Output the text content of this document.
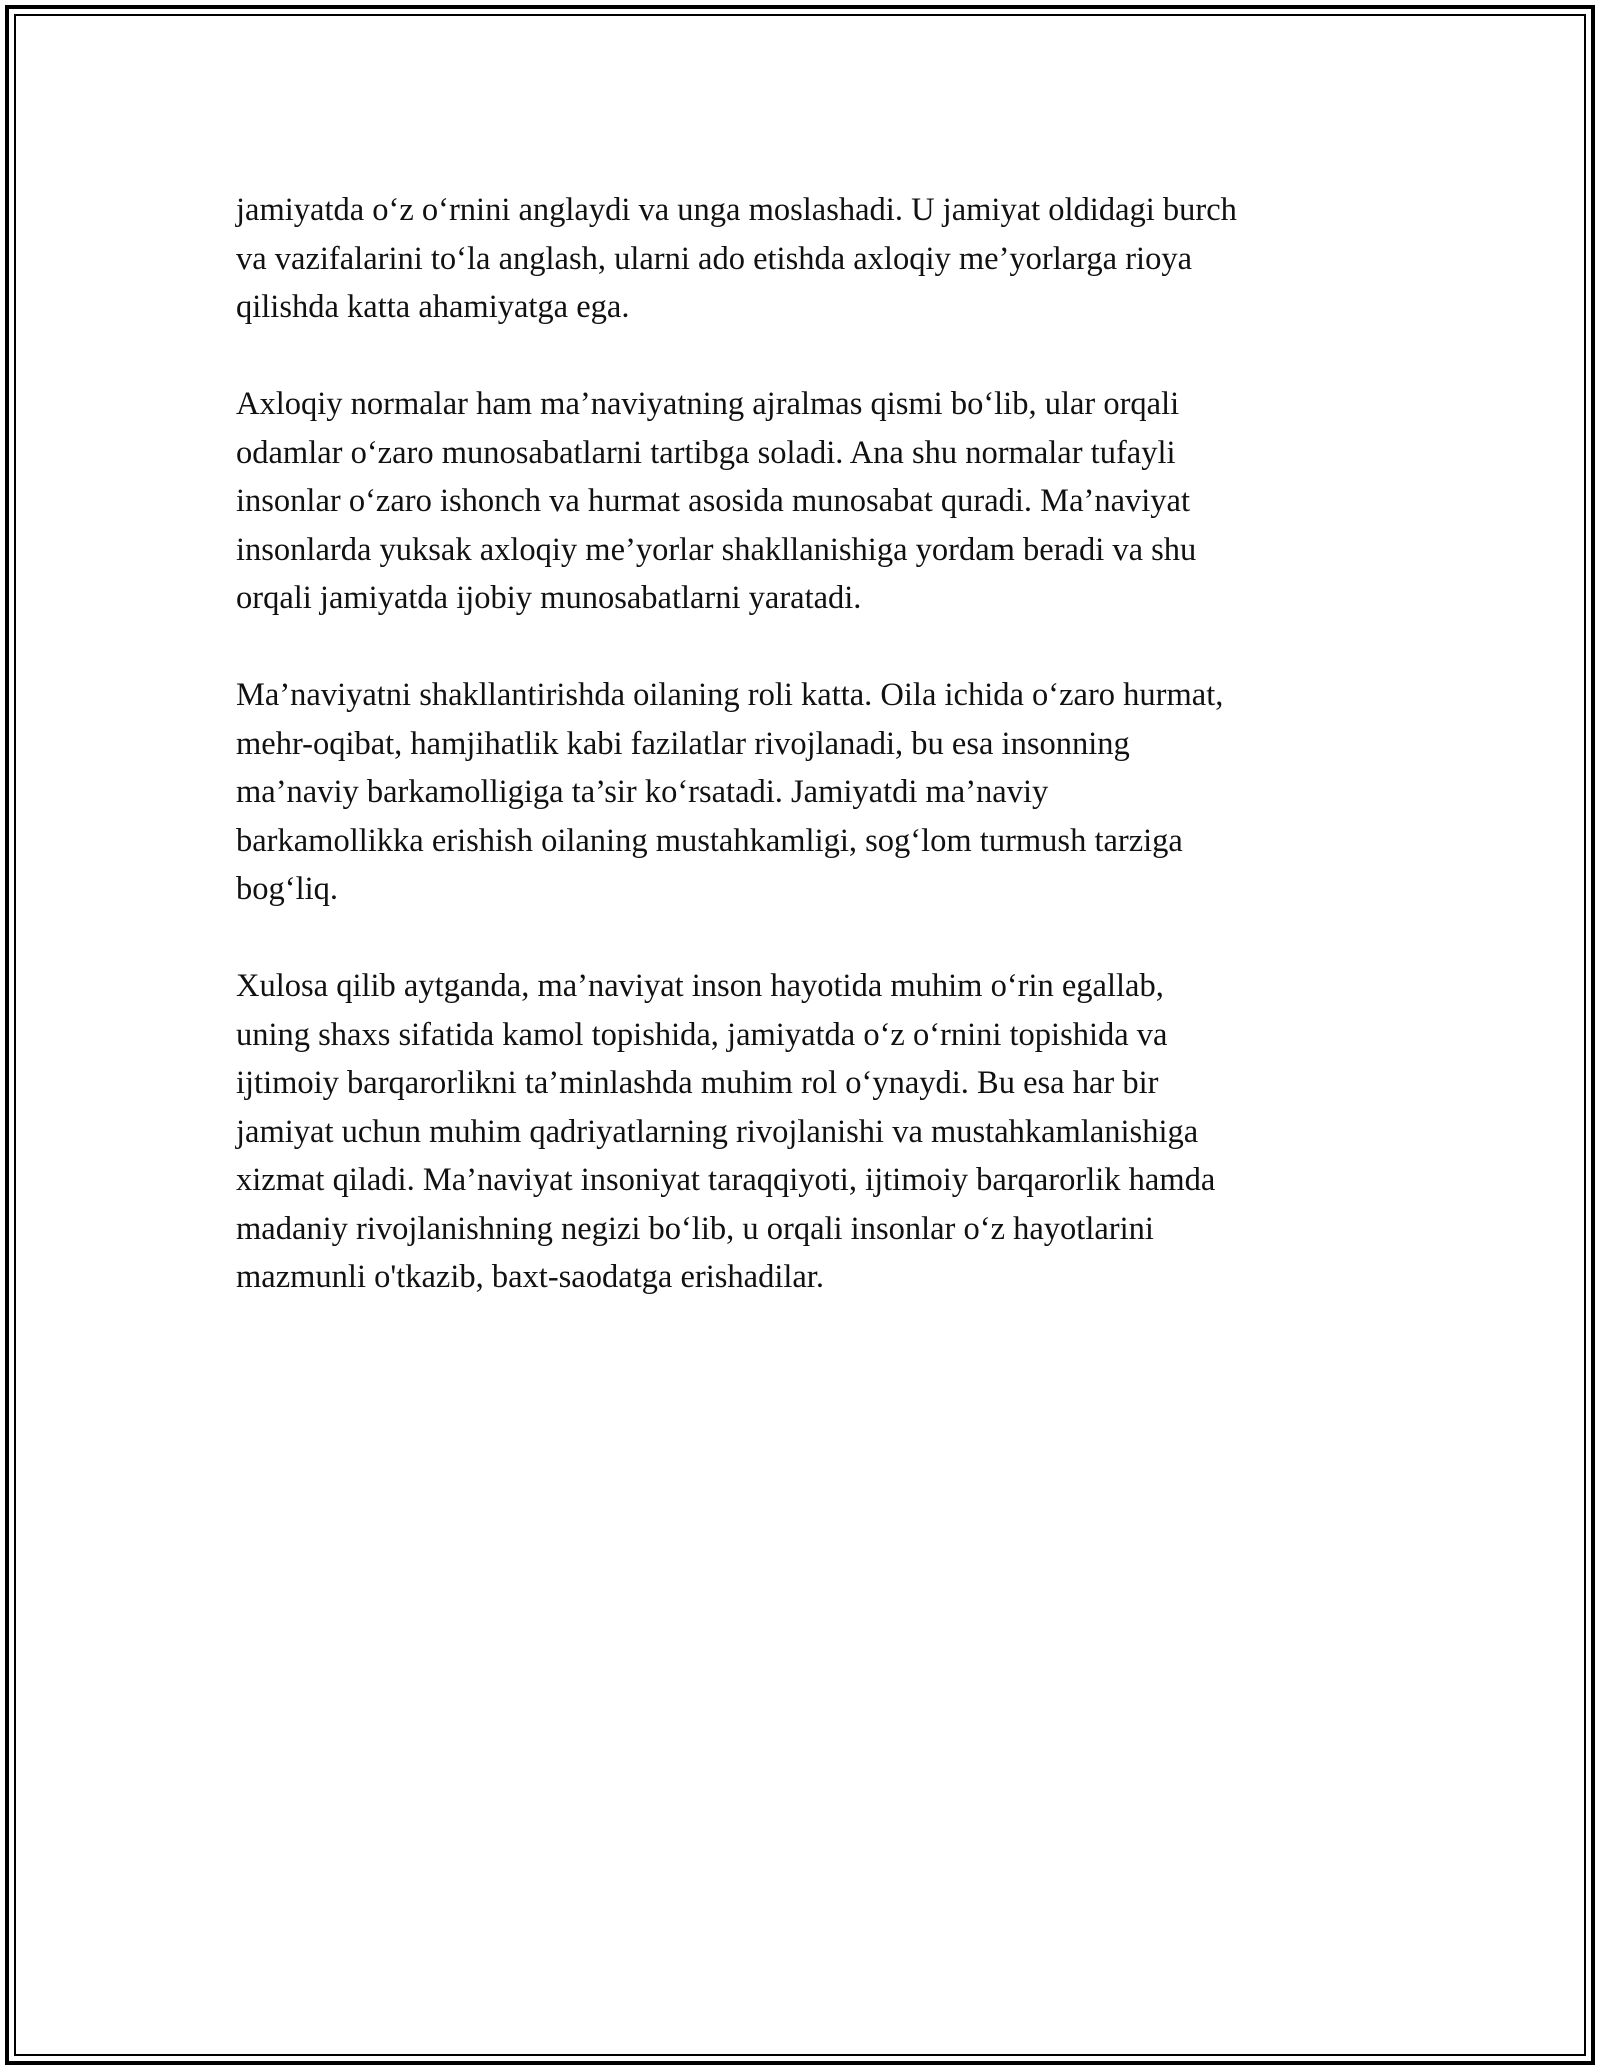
jamiyatda o‘z o‘rnini anglaydi va unga moslashadi. U jamiyat oldidagi burch
va vazifalarini to‘la anglash, ularni ado etishda axloqiy me’yorlarga rioya
qilishda katta ahamiyatga ega.

Axloqiy normalar ham ma’naviyatning ajralmas qismi bo‘lib, ular orqali
odamlar o‘zaro munosabatlarni tartibga soladi. Ana shu normalar tufayli
insonlar o‘zaro ishonch va hurmat asosida munosabat quradi. Ma’naviyat
insonlarda yuksak axloqiy me’yorlar shakllanishiga yordam beradi va shu
orqali jamiyatda ijobiy munosabatlarni yaratadi.

Ma’naviyatni shakllantirishda oilaning roli katta. Oila ichida o‘zaro hurmat,
mehr-oqibat, hamjihatlik kabi fazilatlar rivojlanadi, bu esa insonning
ma’naviy barkamolligiga ta’sir ko‘rsatadi. Jamiyatdi ma’naviy
barkamollikka erishish oilaning mustahkamligi, sog‘lom turmush tarziga
bog‘liq.

Xulosa qilib aytganda, ma’naviyat inson hayotida muhim o‘rin egallab,
uning shaxs sifatida kamol topishida, jamiyatda o‘z o‘rnini topishida va
ijtimoiy barqarorlikni ta’minlashda muhim rol o‘ynaydi. Bu esa har bir
jamiyat uchun muhim qadriyatlarning rivojlanishi va mustahkamlanishiga
xizmat qiladi. Ma’naviyat insoniyat taraqqiyoti, ijtimoiy barqarorlik hamda
madaniy rivojlanishning negizi bo‘lib, u orqali insonlar o‘z hayotlarini
mazmunli o'tkazib, baxt-saodatga erishadilar.
